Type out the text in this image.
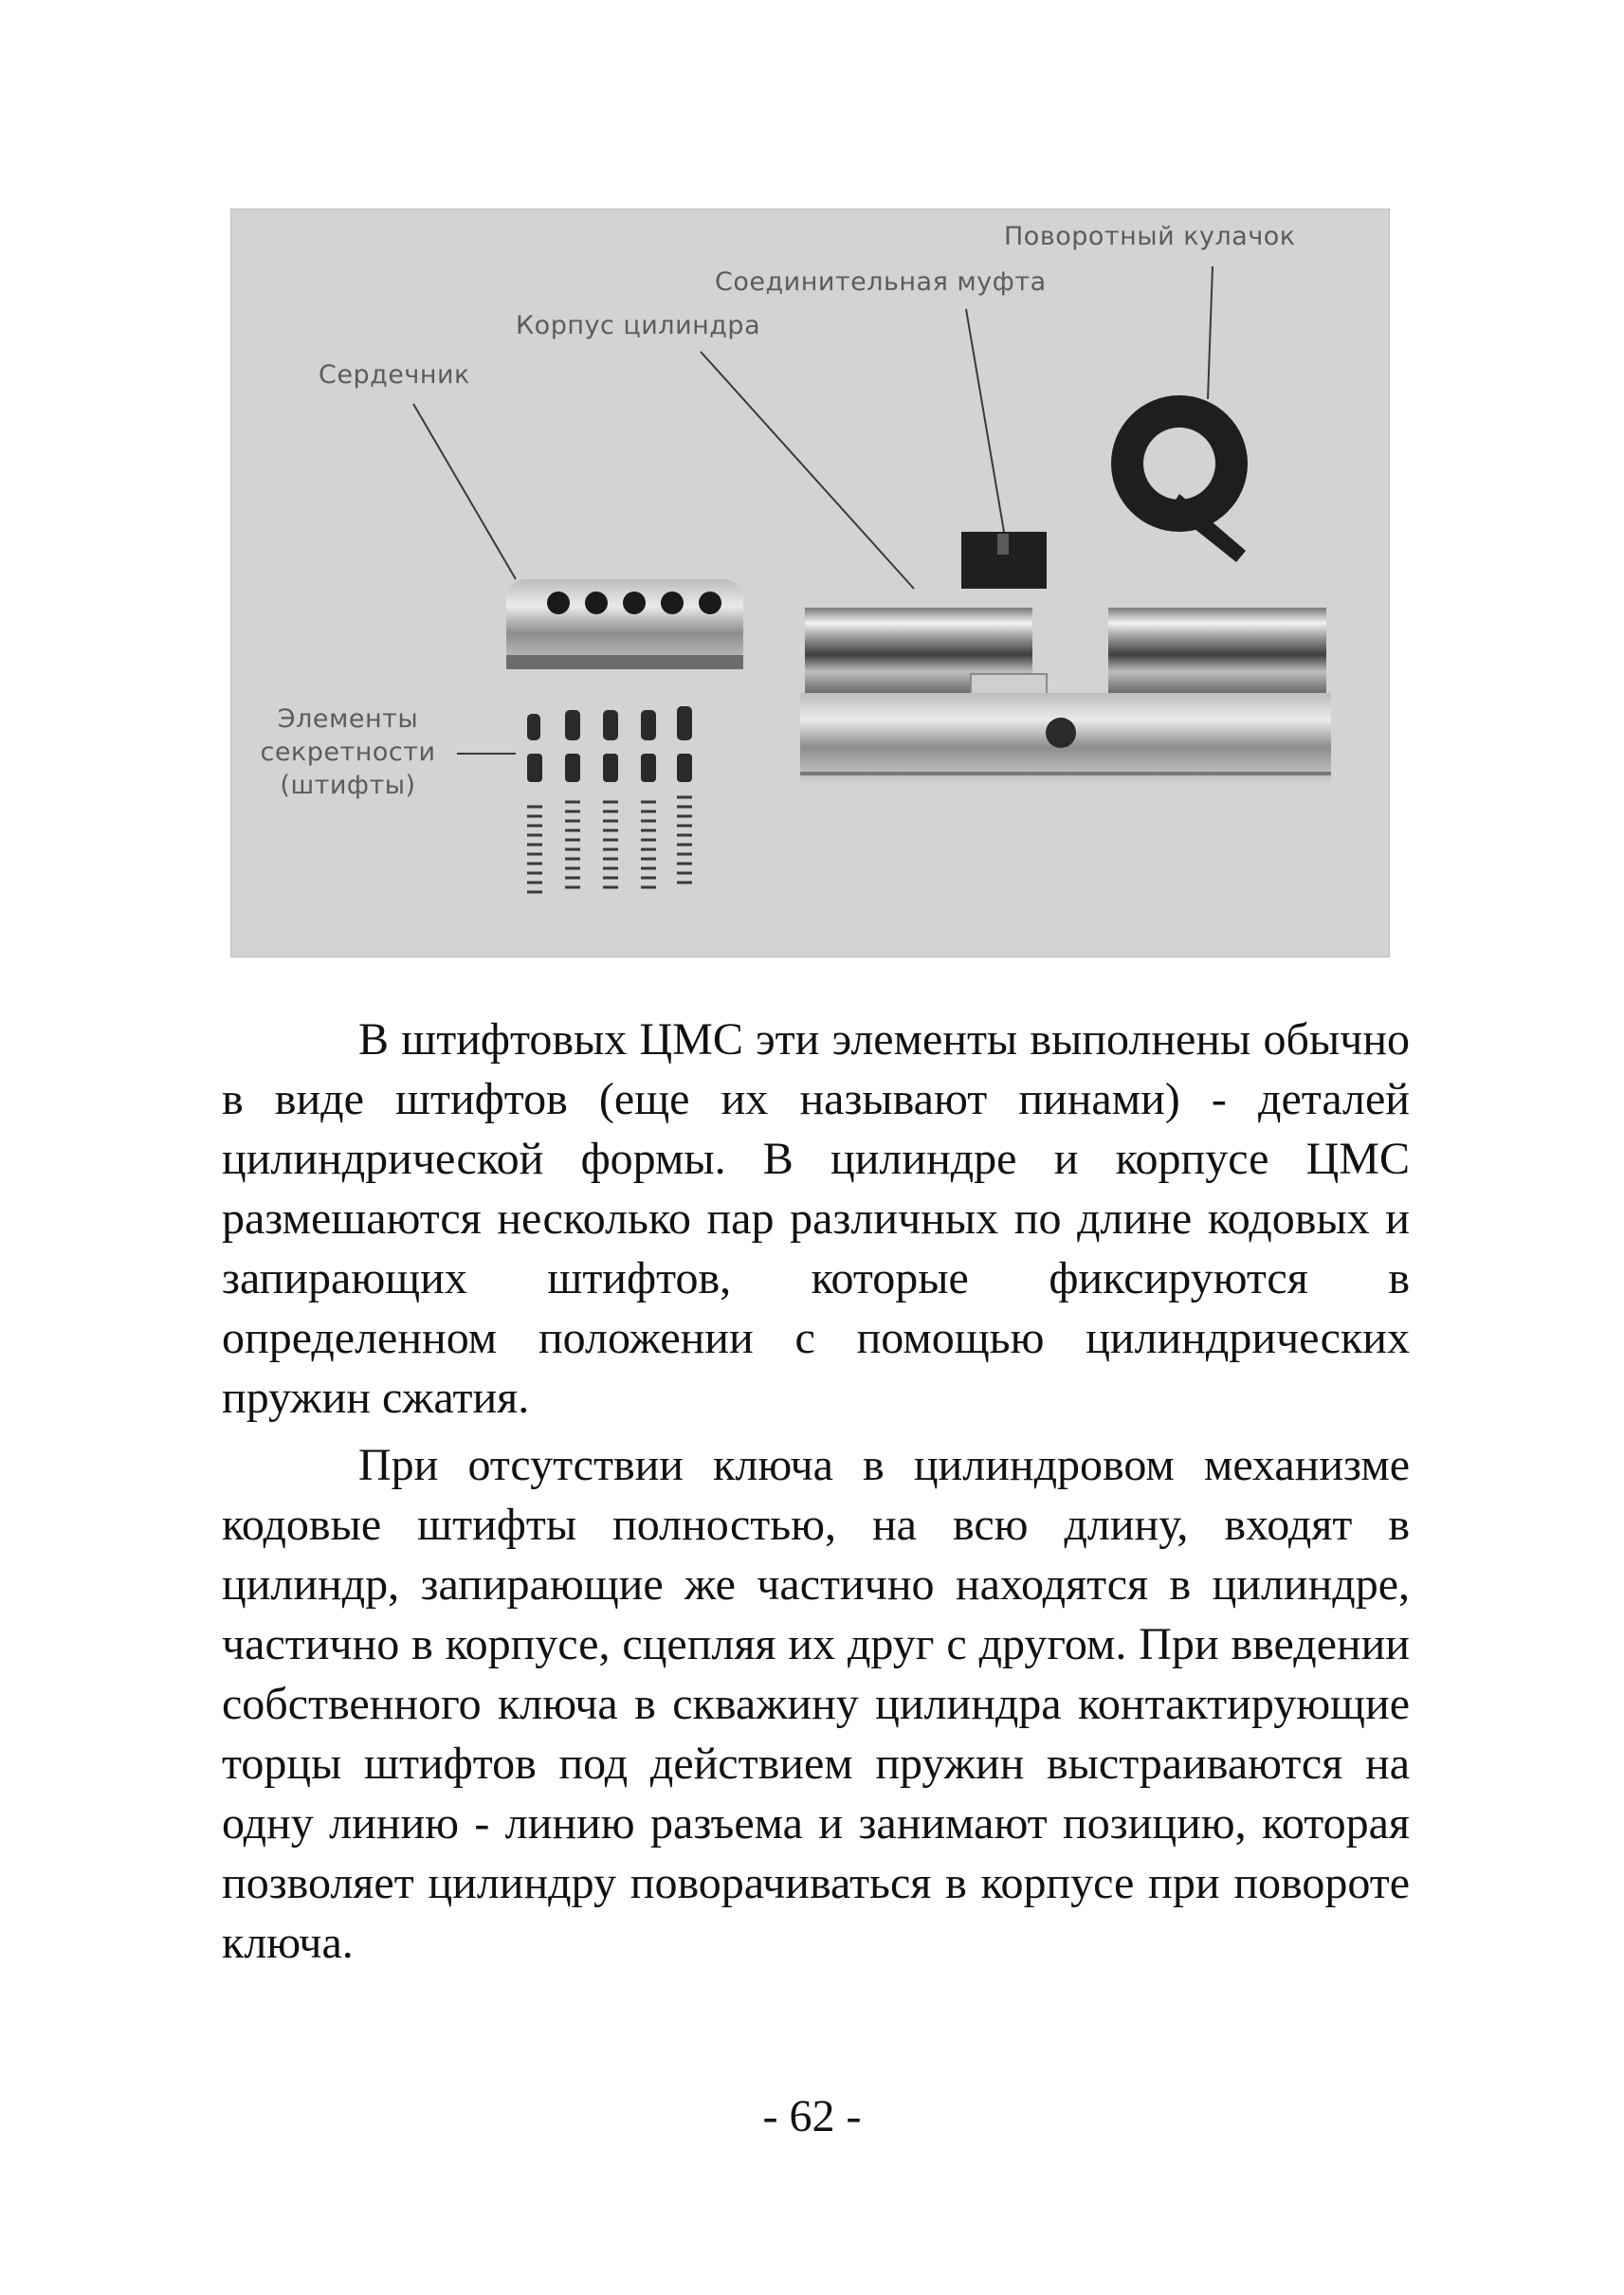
Поворотный кулачок
Соединительная муфта
Корпус цилиндра
Сердечник
Элементы
секретности
(штифты)

В штифтовых ЦМС эти элементы выполнены обычно в виде штифтов (еще их называют пинами) - деталей цилиндрической формы. В цилиндре и корпусе ЦМС размешаются несколько пар различных по длине кодовых и запирающих штифтов, которые фиксируются в определенном положении с помощью цилиндрических пружин сжатия.

При отсутствии ключа в цилиндровом механизме кодовые штифты полностью, на всю длину, входят в цилиндр, запирающие же частично находятся в цилиндре, частично в корпусе, сцепляя их друг с другом. При введении собственного ключа в скважину цилиндра контактирующие торцы штифтов под действием пружин выстраиваются на одну линию - линию разъема и занимают позицию, которая позволяет цилиндру поворачиваться в корпусе при повороте ключа.

- 62 -
